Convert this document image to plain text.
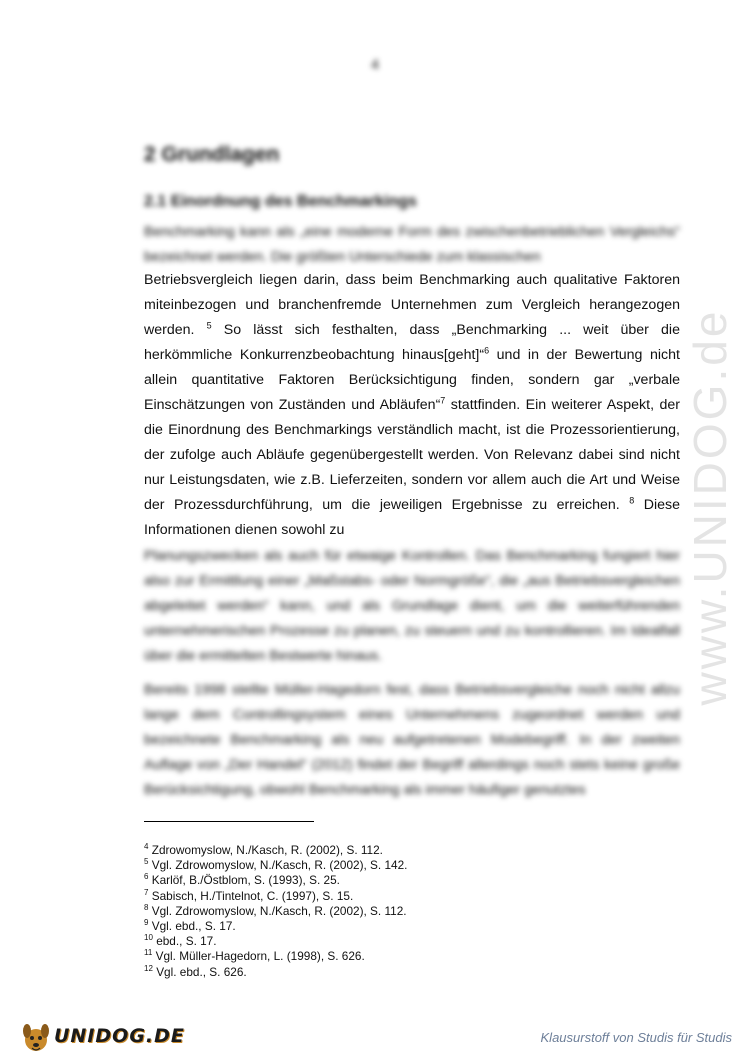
www.UNIDOG.de
4
2 Grundlagen
2.1 Einordnung des Benchmarkings

Benchmarking kann als „eine moderne Form des zwischenbetrieblichen Vergleichs“ bezeichnet werden. Die größten Unterschiede zum klassischen

Betriebsvergleich liegen darin, dass beim Benchmarking auch qualitative Faktoren miteinbezogen und branchenfremde Unternehmen zum Vergleich herangezogen werden. $^5$ So lässt sich festhalten, dass „Benchmarking ... weit über die herkömmliche Konkurrenzbeobachtung hinaus[geht]“$^6$ und in der Bewertung nicht allein quantitative Faktoren Berücksichtigung finden, sondern gar „verbale Einschätzungen von Zuständen und Abläufen“$^7$ stattfinden. Ein weiterer Aspekt, der die Einordnung des Benchmarkings verständlich macht, ist die Prozessorientierung, der zufolge auch Abläufe gegenübergestellt werden. Von Relevanz dabei sind nicht nur Leistungsdaten, wie z.B. Lieferzeiten, sondern vor allem auch die Art und Weise der Prozessdurchführung, um die jeweiligen Ergebnisse zu erreichen. $^8$ Diese Informationen dienen sowohl zu

Planungszwecken als auch für etwaige Kontrollen. Das Benchmarking fungiert hier also zur Ermittlung einer „Maßstabs- oder Normgröße“, die „aus Betriebsvergleichen abgeleitet werden“ kann, und als Grundlage dient, um die weiterführenden unternehmerischen Prozesse zu planen, zu steuern und zu kontrollieren. Im Idealfall über die ermittelten Bestwerte hinaus.

Bereits 1998 stellte Müller-Hagedorn fest, dass Betriebsvergleiche noch nicht allzu lange dem Controllingsystem eines Unternehmens zugeordnet werden und bezeichnete Benchmarking als neu aufgetretenen Modebegriff. In der zweiten Auflage von „Der Handel“ (2012) findet der Begriff allerdings noch stets keine große Berücksichtigung, obwohl Benchmarking als immer häufiger genutztes

$^4$ Zdrowomyslow, N./Kasch, R. (2002), S. 112.
$^5$ Vgl. Zdrowomyslow, N./Kasch, R. (2002), S. 142.
$^6$ Karlöf, B./Östblom, S. (1993), S. 25.
$^7$ Sabisch, H./Tintelnot, C. (1997), S. 15.
$^8$ Vgl. Zdrowomyslow, N./Kasch, R. (2002), S. 112.
$^9$ Vgl. ebd., S. 17.
$^{10}$ ebd., S. 17.
$^{11}$ Vgl. Müller-Hagedorn, L. (1998), S. 626.
$^{12}$ Vgl. ebd., S. 626.
UNIDOG.DE	Klausurstoff von Studis für Studis
